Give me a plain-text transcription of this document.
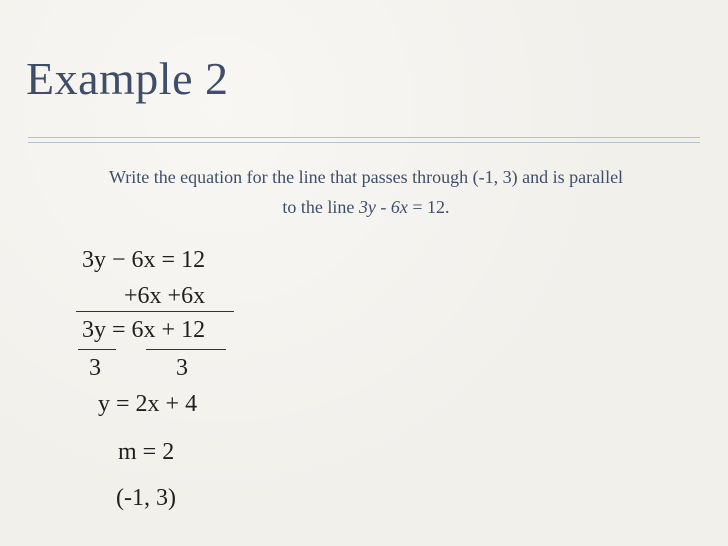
Example 2
Write the equation for the line that passes through (-1, 3) and is parallel
to the line 3y - 6x = 12.
3y − 6x = 12
+6x +6x
3y = 6x + 12
3	3
y = 2x + 4
m = 2
(-1, 3)
